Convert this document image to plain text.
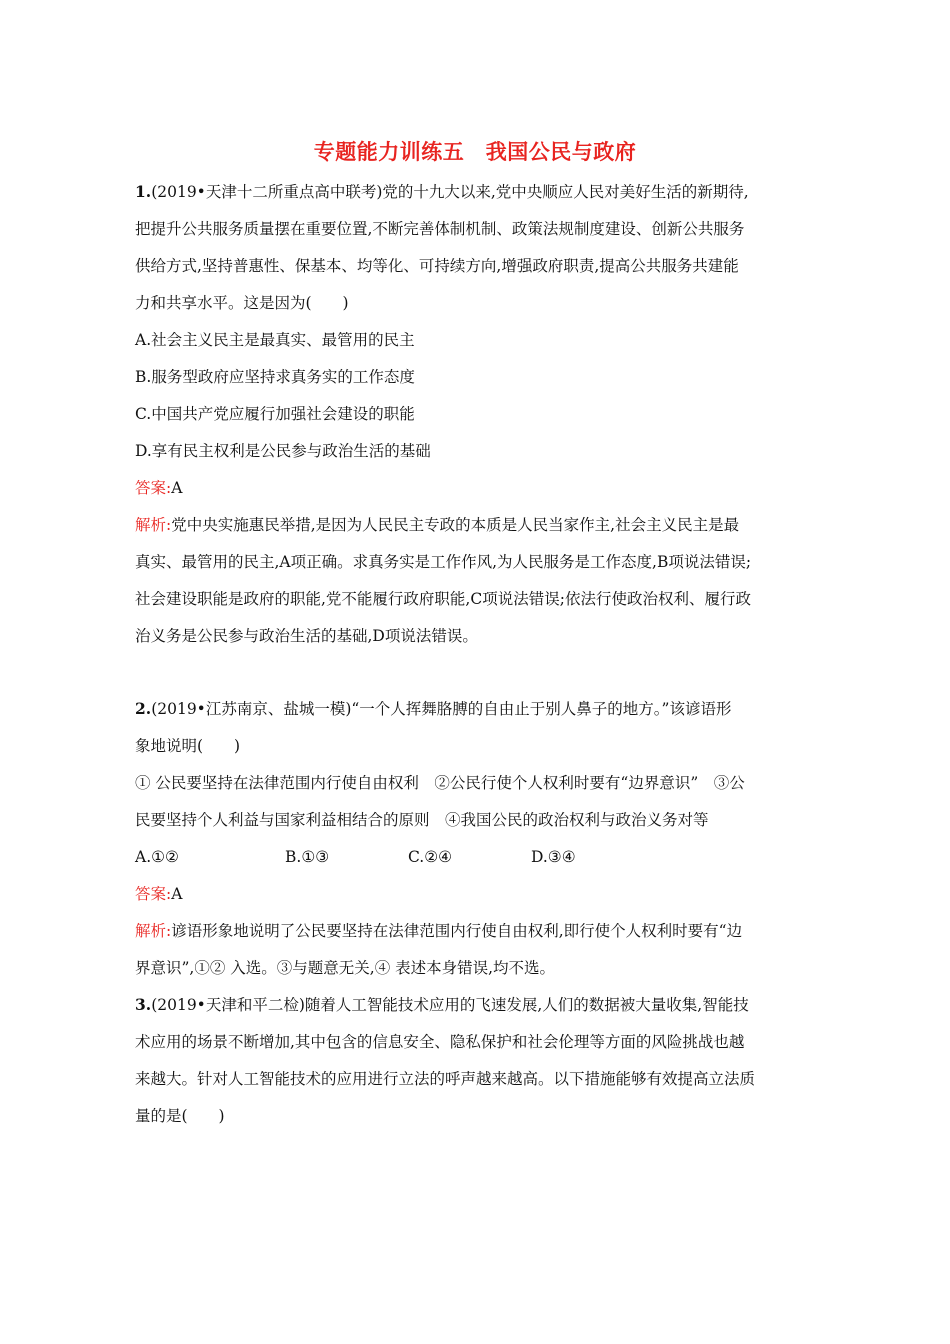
专题能力训练五　我国公民与政府
1.(2019•天津十二所重点高中联考)党的十九大以来,党中央顺应人民对美好生活的新期待,
把提升公共服务质量摆在重要位置,不断完善体制机制、政策法规制度建设、创新公共服务
供给方式,坚持普惠性、保基本、均等化、可持续方向,增强政府职责,提高公共服务共建能
力和共享水平。这是因为(　　)
A.社会主义民主是最真实、最管用的民主
B.服务型政府应坚持求真务实的工作态度
C.中国共产党应履行加强社会建设的职能
D.享有民主权利是公民参与政治生活的基础
答案:A
解析:党中央实施惠民举措,是因为人民民主专政的本质是人民当家作主,社会主义民主是最
真实、最管用的民主,A项正确。求真务实是工作作风,为人民服务是工作态度,B项说法错误;
社会建设职能是政府的职能,党不能履行政府职能,C项说法错误;依法行使政治权利、履行政
治义务是公民参与政治生活的基础,D项说法错误。
2.(2019•江苏南京、盐城一模)“一个人挥舞胳膊的自由止于别人鼻子的地方。”该谚语形
象地说明(　　)
① 公民要坚持在法律范围内行使自由权利　②公民行使个人权利时要有“边界意识”　③公
民要坚持个人利益与国家利益相结合的原则　④我国公民的政治权利与政治义务对等
A.①②	B.①③	C.②④	D.③④
答案:A
解析:谚语形象地说明了公民要坚持在法律范围内行使自由权利,即行使个人权利时要有“边
界意识”,①② 入选。③与题意无关,④ 表述本身错误,均不选。
3.(2019•天津和平二检)随着人工智能技术应用的飞速发展,人们的数据被大量收集,智能技
术应用的场景不断增加,其中包含的信息安全、隐私保护和社会伦理等方面的风险挑战也越
来越大。针对人工智能技术的应用进行立法的呼声越来越高。以下措施能够有效提高立法质
量的是(　　)
